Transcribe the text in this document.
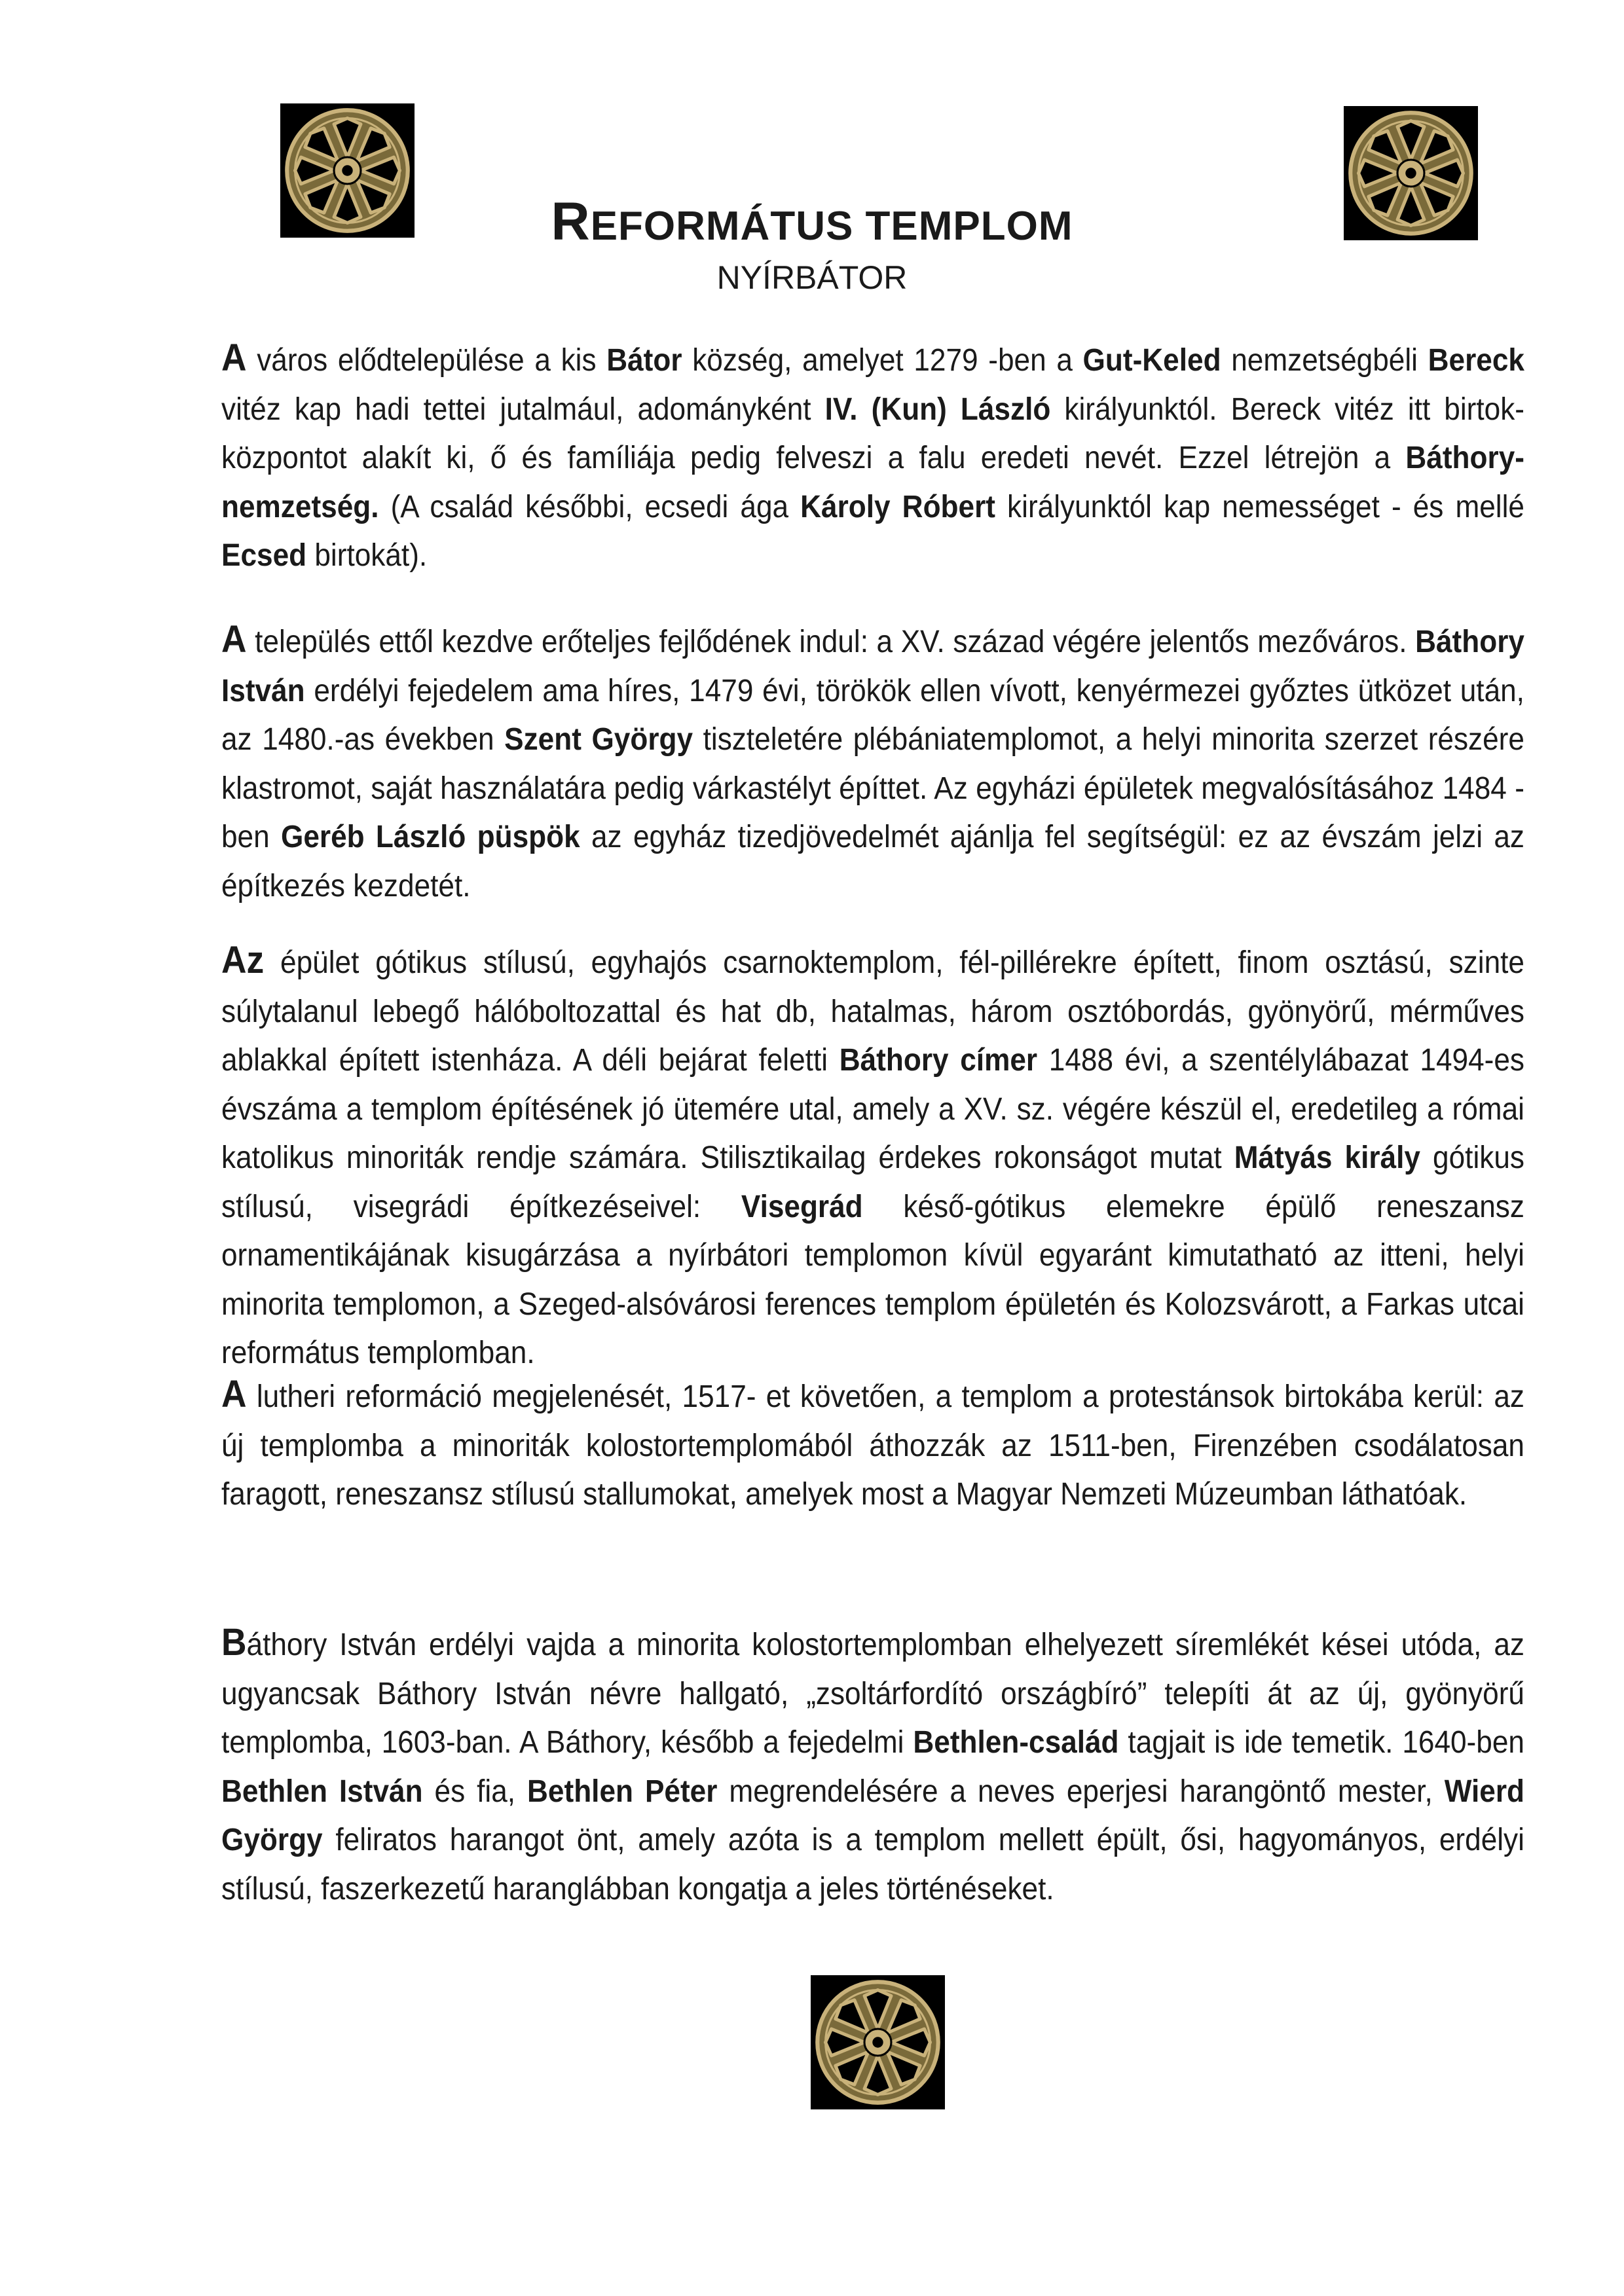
REFORMÁTUS TEMPLOM
NYÍRBÁTOR

A város elődtelepülése a kis Bátor község, amelyet 1279 -ben a Gut-Keled nemzetségbéli Bereck vitéz kap hadi tettei jutalmául, adományként IV. (Kun) László királyunktól. Bereck vitéz itt birtok-központot alakít ki, ő és famíliája pedig felveszi a falu eredeti nevét. Ezzel létrejön a Báthory-nemzetség. (A család későbbi, ecsedi ága Károly Róbert királyunktól kap nemességet - és mellé Ecsed birtokát).

A település ettől kezdve erőteljes fejlődének indul: a XV. század végére jelentős mezőváros. Báthory István erdélyi fejedelem ama híres, 1479 évi, törökök ellen vívott, kenyérmezei győztes ütközet után, az 1480.-as években Szent György tiszteletére plébániatemplomot, a helyi minorita szerzet részére klastromot, saját használatára pedig várkastélyt építtet. Az egyházi épületek megvalósításához 1484 -ben Geréb László püspök az egyház tizedjövedelmét ajánlja fel segítségül: ez az évszám jelzi az építkezés kezdetét.

Az épület gótikus stílusú, egyhajós csarnoktemplom, fél-pillérekre épített, finom osztású, szinte súlytalanul lebegő hálóboltozattal és hat db, hatalmas, három osztóbordás, gyönyörű, mérműves ablakkal épített istenháza. A déli bejárat feletti Báthory címer 1488 évi, a szentélylábazat 1494-es évszáma a templom építésének jó ütemére utal, amely a XV. sz. végére készül el, eredetileg a római katolikus minoriták rendje számára. Stilisztikailag érdekes rokonságot mutat Mátyás király gótikus stílusú, visegrádi építkezéseivel: Visegrád késő-gótikus elemekre épülő reneszansz ornamentikájának kisugárzása a nyírbátori templomon kívül egyaránt kimutatható az itteni, helyi minorita templomon, a Szeged-alsóvárosi ferences templom épületén és Kolozsvárott, a Farkas utcai református templomban.

A lutheri reformáció megjelenését, 1517- et követően, a templom a protestánsok birtokába kerül: az új templomba a minoriták kolostortemplomából áthozzák az 1511-ben, Firenzében csodálatosan faragott, reneszansz stílusú stallumokat, amelyek most a Magyar Nemzeti Múzeumban láthatóak.

Báthory István erdélyi vajda a minorita kolostortemplomban elhelyezett síremlékét kései utóda, az ugyancsak Báthory István névre hallgató, „zsoltárfordító országbíró” telepíti át az új, gyönyörű templomba, 1603-ban. A Báthory, később a fejedelmi Bethlen-család tagjait is ide temetik. 1640-ben Bethlen István és fia, Bethlen Péter megrendelésére a neves eperjesi harangöntő mester, Wierd György feliratos harangot önt, amely azóta is a templom mellett épült, ősi, hagyományos, erdélyi stílusú, faszerkezetű haranglábban kongatja a jeles történéseket.
